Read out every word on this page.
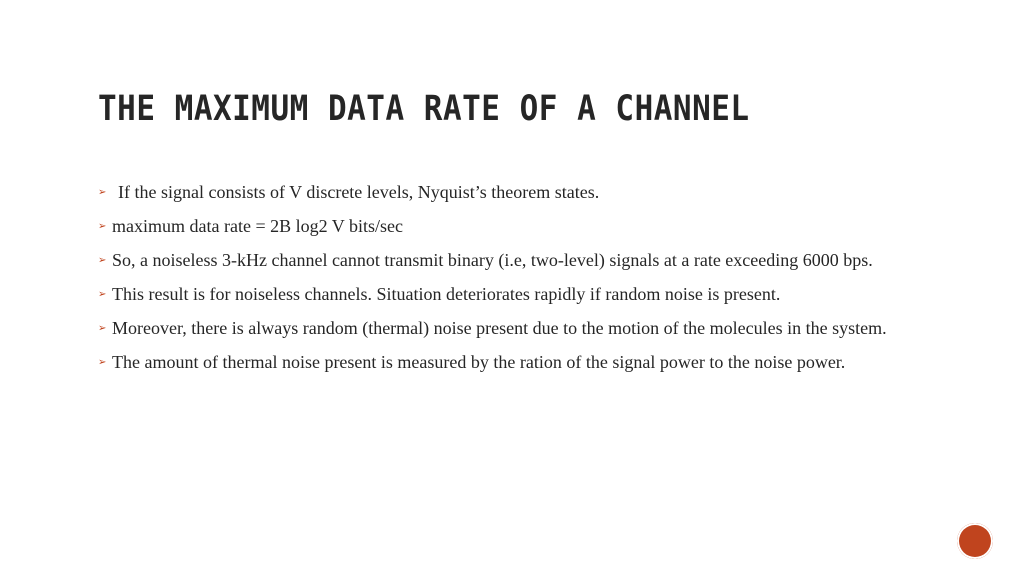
THE MAXIMUM DATA RATE OF A CHANNEL
➢ If the signal consists of V discrete levels, Nyquist’s theorem states.
➢ maximum data rate = 2B log2 V bits/sec
➢ So, a noiseless 3-kHz channel cannot transmit binary (i.e, two-level) signals at a rate exceeding 6000 bps.
➢ This result is for noiseless channels. Situation deteriorates rapidly if random noise is present.
➢ Moreover, there is always random (thermal) noise present due to the motion of the molecules in the system.
➢ The amount of thermal noise present is measured by the ration of the signal power to the noise power.
